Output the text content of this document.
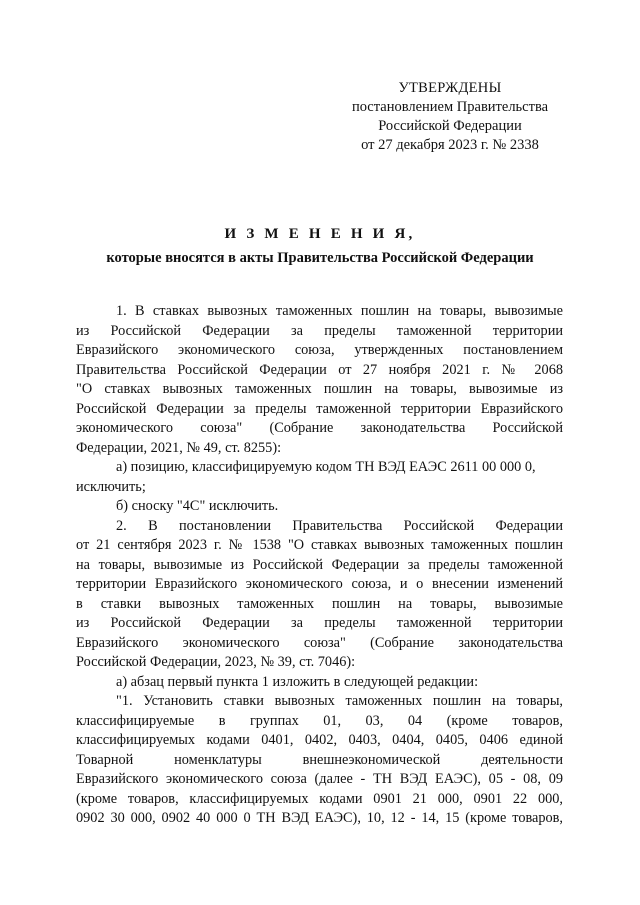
УТВЕРЖДЕНЫ
постановлением Правительства
Российской Федерации
от 27 декабря 2023 г. № 2338
И З М Е Н Е Н И Я,
которые вносятся в акты Правительства Российской Федерации
1. В ставках вывозных таможенных пошлин на товары, вывозимые
из Российской Федерации за пределы таможенной территории
Евразийского экономического союза, утвержденных постановлением
Правительства Российской Федерации от 27 ноября 2021 г. № 2068
"О ставках вывозных таможенных пошлин на товары, вывозимые из
Российской Федерации за пределы таможенной территории Евразийского
экономического союза" (Собрание законодательства Российской
Федерации, 2021, № 49, ст. 8255):
а) позицию, классифицируемую кодом ТН ВЭД ЕАЭС 2611 00 000 0,
исключить;
б) сноску "4С" исключить.
2. В постановлении Правительства Российской Федерации
от 21 сентября 2023 г. № 1538 "О ставках вывозных таможенных пошлин
на товары, вывозимые из Российской Федерации за пределы таможенной
территории Евразийского экономического союза, и о внесении изменений
в ставки вывозных таможенных пошлин на товары, вывозимые
из Российской Федерации за пределы таможенной территории
Евразийского экономического союза" (Собрание законодательства
Российской Федерации, 2023, № 39, ст. 7046):
а) абзац первый пункта 1 изложить в следующей редакции:
"1. Установить ставки вывозных таможенных пошлин на товары,
классифицируемые в группах 01, 03, 04 (кроме товаров,
классифицируемых кодами 0401, 0402, 0403, 0404, 0405, 0406 единой
Товарной номенклатуры внешнеэкономической деятельности
Евразийского экономического союза (далее - ТН ВЭД ЕАЭС), 05 - 08, 09
(кроме товаров, классифицируемых кодами 0901 21 000, 0901 22 000,
0902 30 000, 0902 40 000 0 ТН ВЭД ЕАЭС), 10, 12 - 14, 15 (кроме товаров,
